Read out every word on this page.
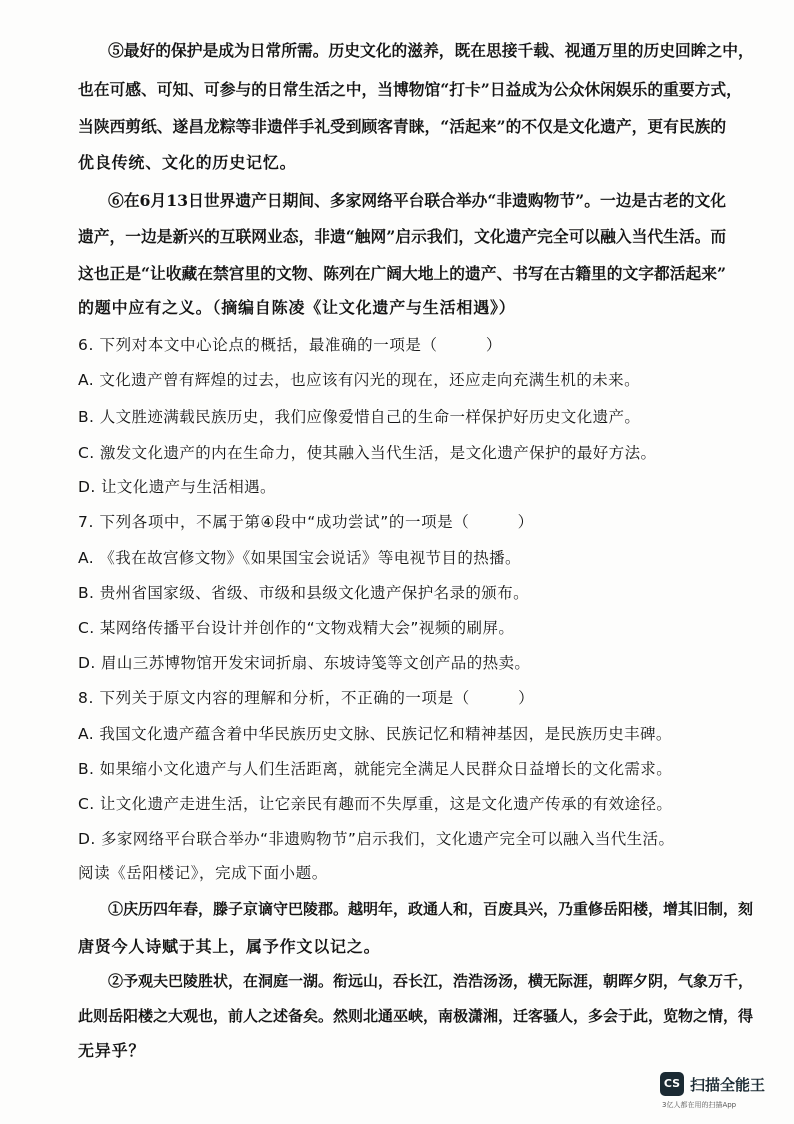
⑤最好的保护是成为日常所需。历史文化的滋养，既在思接千载、视通万里的历史回眸之中，
也在可感、可知、可参与的日常生活之中，当博物馆“打卡”日益成为公众休闲娱乐的重要方式，
当陕西剪纸、遂昌龙粽等非遗伴手礼受到顾客青睐，“活起来”的不仅是文化遗产，更有民族的
优良传统、文化的历史记忆。
⑥在6月13日世界遗产日期间、多家网络平台联合举办“非遗购物节”。一边是古老的文化
遗产，一边是新兴的互联网业态，非遗“触网”启示我们，文化遗产完全可以融入当代生活。而
这也正是“让收藏在禁宫里的文物、陈列在广阔大地上的遗产、书写在古籍里的文字都活起来”
的题中应有之义。（摘编自陈凌《让文化遗产与生活相遇》）
6. 下列对本文中心论点的概括，最准确的一项是（　　　）
A. 文化遗产曾有辉煌的过去，也应该有闪光的现在，还应走向充满生机的未来。
B. 人文胜迹满载民族历史，我们应像爱惜自己的生命一样保护好历史文化遗产。
C. 激发文化遗产的内在生命力，使其融入当代生活，是文化遗产保护的最好方法。
D. 让文化遗产与生活相遇。
7. 下列各项中，不属于第④段中“成功尝试”的一项是（　　　）
A. 《我在故宫修文物》《如果国宝会说话》等电视节目的热播。
B. 贵州省国家级、省级、市级和县级文化遗产保护名录的颁布。
C. 某网络传播平台设计并创作的“文物戏精大会”视频的刷屏。
D. 眉山三苏博物馆开发宋词折扇、东坡诗笺等文创产品的热卖。
8. 下列关于原文内容的理解和分析，不正确的一项是（　　　）
A. 我国文化遗产蕴含着中华民族历史文脉、民族记忆和精神基因，是民族历史丰碑。
B. 如果缩小文化遗产与人们生活距离，就能完全满足人民群众日益增长的文化需求。
C. 让文化遗产走进生活，让它亲民有趣而不失厚重，这是文化遗产传承的有效途径。
D. 多家网络平台联合举办“非遗购物节”启示我们，文化遗产完全可以融入当代生活。
阅读《岳阳楼记》，完成下面小题。
①庆历四年春，滕子京谪守巴陵郡。越明年，政通人和，百废具兴，乃重修岳阳楼，增其旧制，刻
唐贤今人诗赋于其上，属予作文以记之。
②予观夫巴陵胜状，在洞庭一湖。衔远山，吞长江，浩浩汤汤，横无际涯，朝晖夕阴，气象万千，
此则岳阳楼之大观也，前人之述备矣。然则北通巫峡，南极潇湘，迁客骚人，多会于此，览物之情，得
无异乎？
CS 扫描全能王
3亿人都在用的扫描App
